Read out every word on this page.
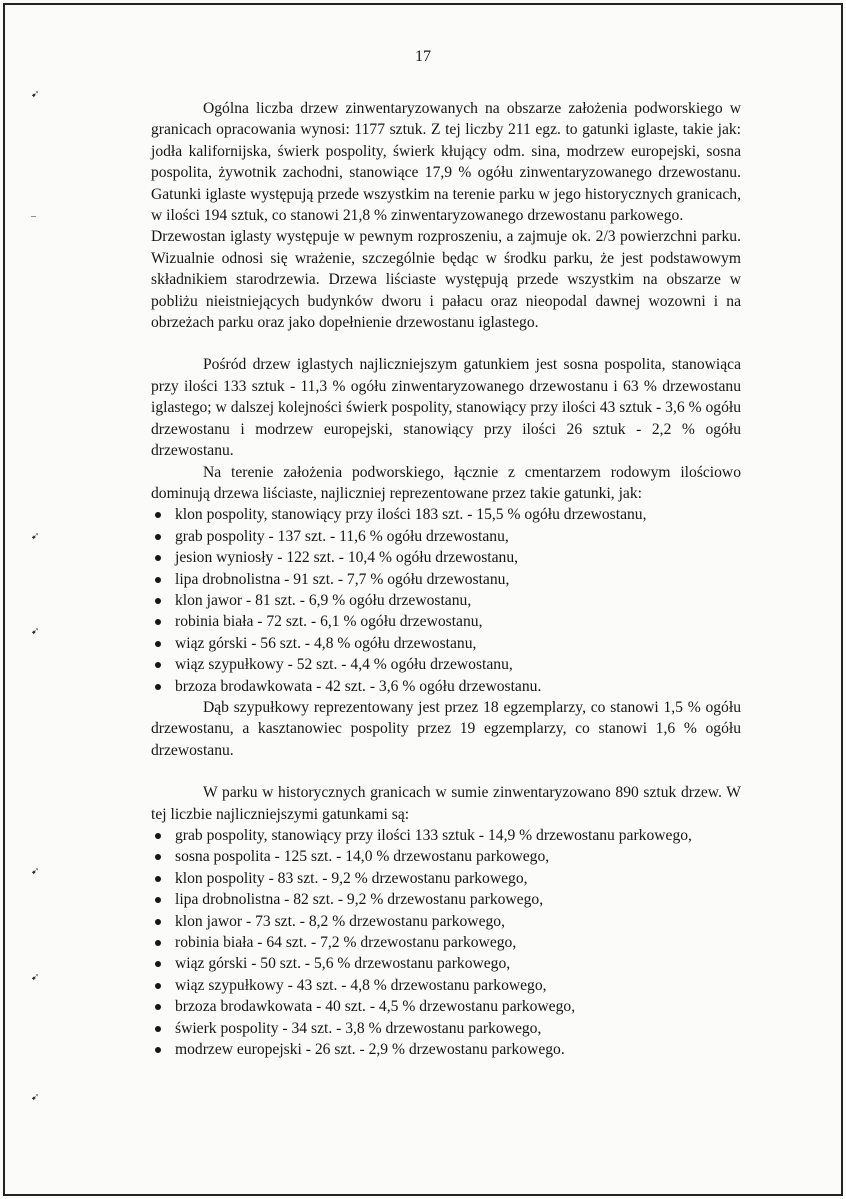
➹
–
➹
➹
➹
➹
➹
17

Ogólna liczba drzew zinwentaryzowanych na obszarze założenia podworskiego w granicach opracowania wynosi: 1177 sztuk. Z tej liczby 211 egz. to gatunki iglaste, takie jak: jodła kalifornijska, świerk pospolity, świerk kłujący odm. sina, modrzew europejski, sosna pospolita, żywotnik zachodni, stanowiące 17,9 % ogółu zinwentaryzowanego drzewostanu. Gatunki iglaste występują przede wszystkim na terenie parku w jego historycznych granicach, w ilości 194 sztuk, co stanowi 21,8 % zinwentaryzowanego drzewostanu parkowego.

Drzewostan iglasty występuje w pewnym rozproszeniu, a zajmuje ok. 2/3 powierzchni parku. Wizualnie odnosi się wrażenie, szczególnie będąc w środku parku, że jest podstawowym składnikiem starodrzewia. Drzewa liściaste występują przede wszystkim na obszarze w pobliżu nieistniejących budynków dworu i pałacu oraz nieopodal dawnej wozowni i na obrzeżach parku oraz jako dopełnienie drzewostanu iglastego.

Pośród drzew iglastych najliczniejszym gatunkiem jest sosna pospolita, stanowiąca przy ilości 133 sztuk - 11,3 % ogółu zinwentaryzowanego drzewostanu i 63 % drzewostanu iglastego; w dalszej kolejności świerk pospolity, stanowiący przy ilości 43 sztuk - 3,6 % ogółu drzewostanu i modrzew europejski, stanowiący przy ilości 26 sztuk - 2,2 % ogółu drzewostanu.

Na terenie założenia podworskiego, łącznie z cmentarzem rodowym ilościowo dominują drzewa liściaste, najliczniej reprezentowane przez takie gatunki, jak:

klon pospolity, stanowiący przy ilości 183 szt. - 15,5 % ogółu drzewostanu,
grab pospolity - 137 szt. - 11,6 % ogółu drzewostanu,
jesion wyniosły - 122 szt. - 10,4 % ogółu drzewostanu,
lipa drobnolistna - 91 szt. - 7,7 % ogółu drzewostanu,
klon jawor - 81 szt. - 6,9 % ogółu drzewostanu,
robinia biała - 72 szt. - 6,1 % ogółu drzewostanu,
wiąz górski - 56 szt. - 4,8 % ogółu drzewostanu,
wiąz szypułkowy - 52 szt. - 4,4 % ogółu drzewostanu,
brzoza brodawkowata - 42 szt. - 3,6 % ogółu drzewostanu.

Dąb szypułkowy reprezentowany jest przez 18 egzemplarzy, co stanowi 1,5 % ogółu drzewostanu, a kasztanowiec pospolity przez 19 egzemplarzy, co stanowi 1,6 % ogółu drzewostanu.

W parku w historycznych granicach w sumie zinwentaryzowano 890 sztuk drzew. W tej liczbie najliczniejszymi gatunkami są:

grab pospolity, stanowiący przy ilości 133 sztuk - 14,9 % drzewostanu parkowego,
sosna pospolita - 125 szt. - 14,0 % drzewostanu parkowego,
klon pospolity - 83 szt. - 9,2 % drzewostanu parkowego,
lipa drobnolistna - 82 szt. - 9,2 % drzewostanu parkowego,
klon jawor - 73 szt. - 8,2 % drzewostanu parkowego,
robinia biała - 64 szt. - 7,2 % drzewostanu parkowego,
wiąz górski - 50 szt. - 5,6 % drzewostanu parkowego,
wiąz szypułkowy - 43 szt. - 4,8 % drzewostanu parkowego,
brzoza brodawkowata - 40 szt. - 4,5 % drzewostanu parkowego,
świerk pospolity - 34 szt. - 3,8 % drzewostanu parkowego,
modrzew europejski - 26 szt. - 2,9 % drzewostanu parkowego.
